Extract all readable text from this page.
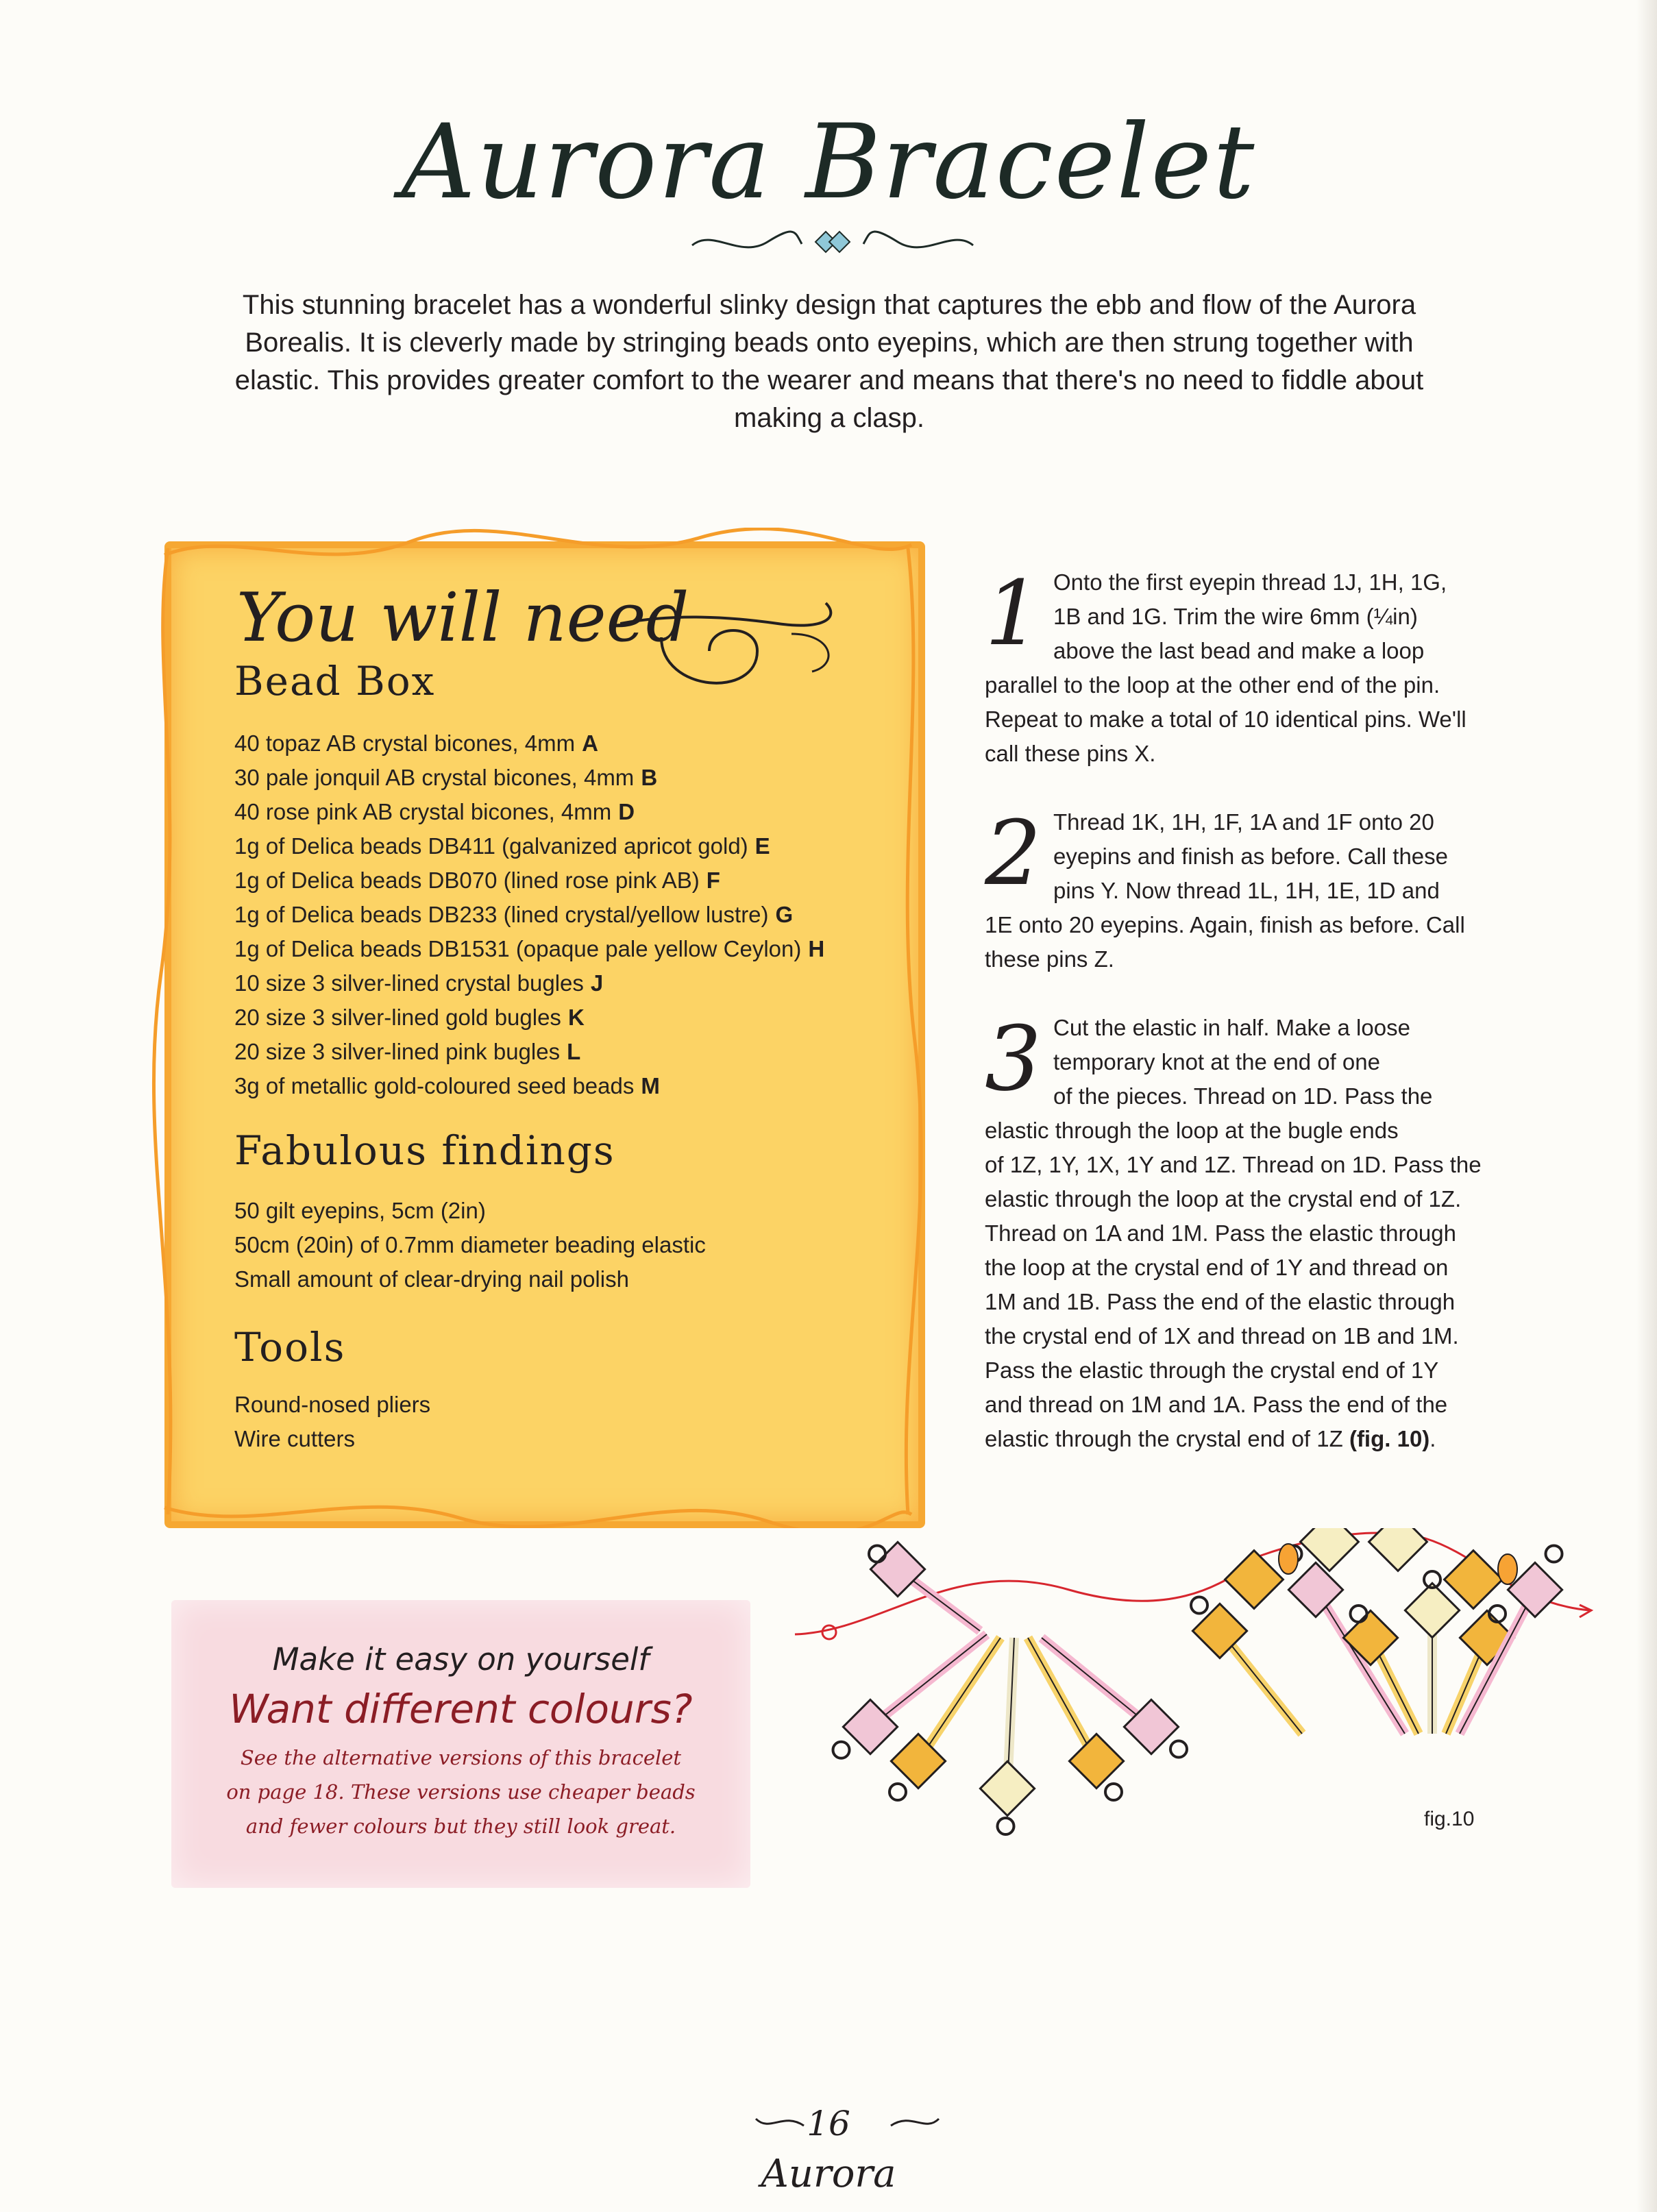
Aurora Bracelet
This stunning bracelet has a wonderful slinky design that captures the ebb and flow of the Aurora Borealis. It is cleverly made by stringing beads onto eyepins, which are then strung together with elastic. This provides greater comfort to the wearer and means that there's no need to fiddle about making a clasp.
You will need
Bead Box
40 topaz AB crystal bicones, 4mm A
30 pale jonquil AB crystal bicones, 4mm B
40 rose pink AB crystal bicones, 4mm D
1g of Delica beads DB411 (galvanized apricot gold) E
1g of Delica beads DB070 (lined rose pink AB) F
1g of Delica beads DB233 (lined crystal/yellow lustre) G
1g of Delica beads DB1531 (opaque pale yellow Ceylon) H
10 size 3 silver-lined crystal bugles J
20 size 3 silver-lined gold bugles K
20 size 3 silver-lined pink bugles L
3g of metallic gold-coloured seed beads M
Fabulous findings
50 gilt eyepins, 5cm (2in)
50cm (20in) of 0.7mm diameter beading elastic
Small amount of clear-drying nail polish
Tools
Round-nosed pliers
Wire cutters
1 Onto the first eyepin thread 1J, 1H, 1G,
1B and 1G. Trim the wire 6mm (¼in)
above the last bead and make a loop
parallel to the loop at the other end of the pin.
Repeat to make a total of 10 identical pins. We'll
call these pins X.
2 Thread 1K, 1H, 1F, 1A and 1F onto 20
eyepins and finish as before. Call these
pins Y. Now thread 1L, 1H, 1E, 1D and
1E onto 20 eyepins. Again, finish as before. Call
these pins Z.
3 Cut the elastic in half. Make a loose
temporary knot at the end of one
of the pieces. Thread on 1D. Pass the
elastic through the loop at the bugle ends
of 1Z, 1Y, 1X, 1Y and 1Z. Thread on 1D. Pass the
elastic through the loop at the crystal end of 1Z.
Thread on 1A and 1M. Pass the elastic through
the loop at the crystal end of 1Y and thread on
1M and 1B. Pass the end of the elastic through
the crystal end of 1X and thread on 1B and 1M.
Pass the elastic through the crystal end of 1Y
and thread on 1M and 1A. Pass the end of the
elastic through the crystal end of 1Z (fig. 10).
Make it easy on yourself
Want different colours?
See the alternative versions of this bracelet
on page 18. These versions use cheaper beads
and fewer colours but they still look great.	fig.10
16
Aurora
